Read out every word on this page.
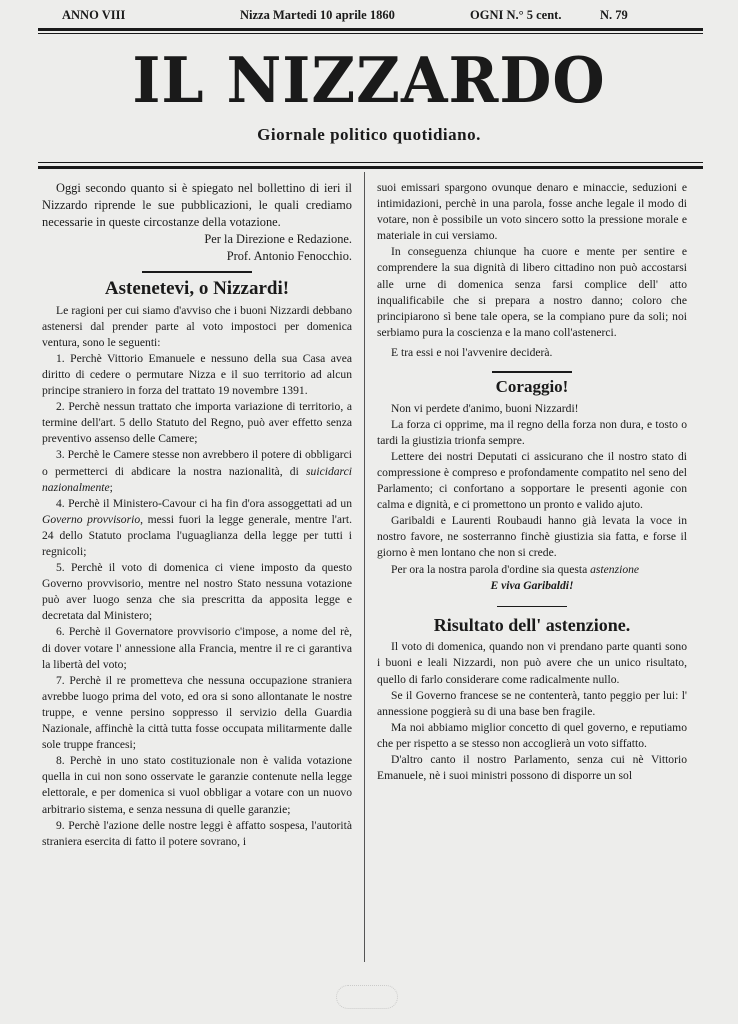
ANNO VIII	Nizza Martedi 10 aprile 1860	OGNI N.° 5 cent.	N. 79
IL NIZZARDO
Giornale politico quotidiano.

Oggi secondo quanto si è spiegato nel bollettino di ieri il Nizzardo riprende le sue pubblicazioni, le quali crediamo necessarie in queste circostanze della votazione.

Per la Direzione e Redazione.

Prof. Antonio Fenocchio.

Astenetevi, o Nizzardi!

Le ragioni per cui siamo d'avviso che i buoni Nizzardi debbano astenersi dal prender parte al voto impostoci per domenica ventura, sono le seguenti:

1. Perchè Vittorio Emanuele e nessuno della sua Casa avea diritto di cedere o permutare Nizza e il suo territorio ad alcun principe straniero in forza del trattato 19 novembre 1391.

2. Perchè nessun trattato che importa variazione di territorio, a termine dell'art. 5 dello Statuto del Regno, può aver effetto senza preventivo assenso delle Camere;

3. Perchè le Camere stesse non avrebbero il potere di obbligarci o permetterci di abdicare la nostra nazionalità, di suicidarci nazionalmente;

4. Perchè il Ministero-Cavour ci ha fin d'ora assoggettati ad un Governo provvisorio, messi fuori la legge generale, mentre l'art. 24 dello Statuto proclama l'uguaglianza della legge per tutti i regnicoli;

5. Perchè il voto di domenica ci viene imposto da questo Governo provvisorio, mentre nel nostro Stato nessuna votazione può aver luogo senza che sia prescritta da apposita legge e decretata dal Ministero;

6. Perchè il Governatore provvisorio c'impose, a nome del rè, di dover votare l' annessione alla Francia, mentre il re ci garantiva la libertà del voto;

7. Perchè il re prometteva che nessuna occupazione straniera avrebbe luogo prima del voto, ed ora si sono allontanate le nostre truppe, e venne persino soppresso il servizio della Guardia Nazionale, affinchè la città tutta fosse occupata militarmente dalle sole truppe francesi;

8. Perchè in uno stato costituzionale non è valida votazione quella in cui non sono osservate le garanzie contenute nella legge elettorale, e per domenica si vuol obbligar a votare con un nuovo arbitrario sistema, e senza nessuna di quelle garanzie;

9. Perchè l'azione delle nostre leggi è affatto sospesa, l'autorità straniera esercita di fatto il potere sovrano, i

suoi emissari spargono ovunque denaro e minaccie, seduzioni e intimidazioni, perchè in una parola, fosse anche legale il modo di votare, non è possibile un voto sincero sotto la pressione morale e materiale in cui versiamo.

In conseguenza chiunque ha cuore e mente per sentire e comprendere la sua dignità di libero cittadino non può accostarsi alle urne di domenica senza farsi complice dell' atto inqualificabile che si prepara a nostro danno; coloro che principiarono sì bene tale opera, se la compiano pure da soli; noi serbiamo pura la coscienza e la mano coll'astenerci.

E tra essi e noi l'avvenire deciderà.

Coraggio!

Non vi perdete d'animo, buoni Nizzardi!

La forza ci opprime, ma il regno della forza non dura, e tosto o tardi la giustizia trionfa sempre.

Lettere dei nostri Deputati ci assicurano che il nostro stato di compressione è compreso e profondamente compatito nel seno del Parlamento; ci confortano a sopportare le presenti agonie con calma e dignità, e ci promettono un pronto e valido ajuto.

Garibaldi e Laurenti Roubaudi hanno già levata la voce in nostro favore, ne sosterranno finchè giustizia sia fatta, e forse il giorno è men lontano che non si crede.

Per ora la nostra parola d'ordine sia questa astenzione

E viva Garibaldi!

Risultato dell' astenzione.

Il voto di domenica, quando non vi prendano parte quanti sono i buoni e leali Nizzardi, non può avere che un unico risultato, quello di farlo considerare come radicalmente nullo.

Se il Governo francese se ne contenterà, tanto peggio per lui: l' annessione poggierà su di una base ben fragile.

Ma noi abbiamo miglior concetto di quel governo, e reputiamo che per rispetto a se stesso non accoglierà un voto siffatto.

D'altro canto il nostro Parlamento, senza cui nè Vittorio Emanuele, nè i suoi ministri possono di disporre un sol
